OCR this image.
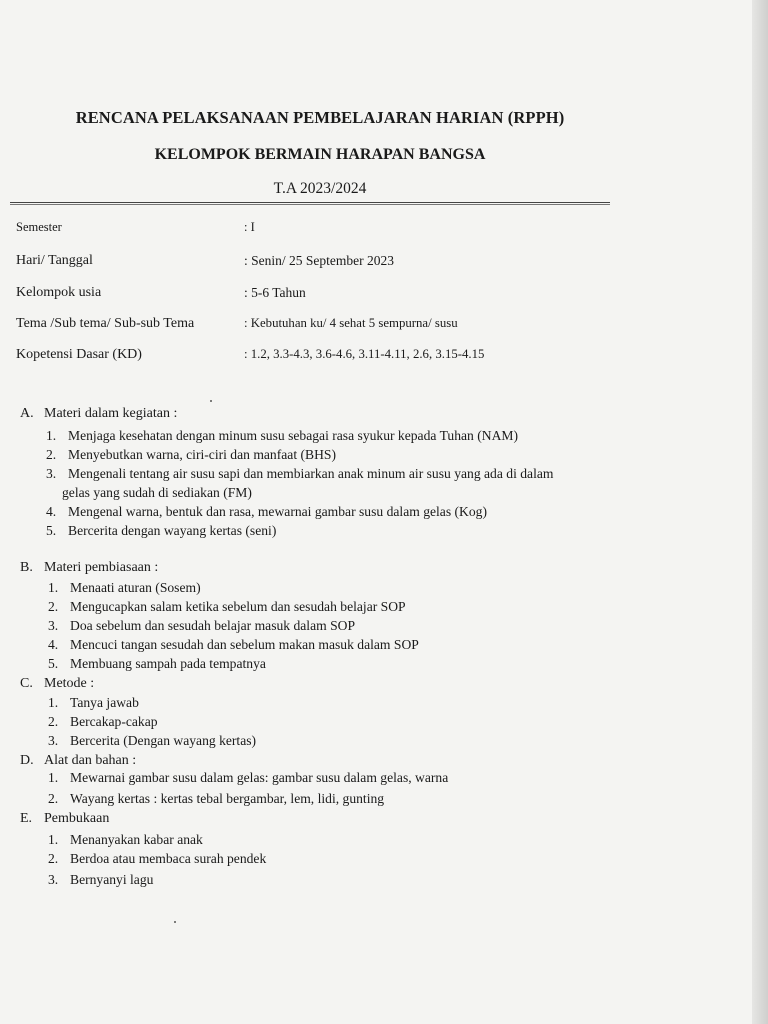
RENCANA PELAKSANAAN PEMBELAJARAN HARIAN (RPPH)
KELOMPOK BERMAIN HARAPAN BANGSA
T.A 2023/2024
Semester	: I
Hari/ Tanggal	: Senin/ 25 September 2023
Kelompok usia	: 5-6 Tahun
Tema /Sub tema/ Sub-sub Tema	: Kebutuhan ku/ 4 sehat 5 sempurna/ susu
Kopetensi Dasar (KD)	: 1.2, 3.3-4.3, 3.6-4.6, 3.11-4.11, 2.6, 3.15-4.15
A. Materi dalam kegiatan :
1. Menjaga kesehatan dengan minum susu sebagai rasa syukur kepada Tuhan (NAM)
2. Menyebutkan warna, ciri-ciri dan manfaat (BHS)
3. Mengenali tentang air susu sapi dan membiarkan anak minum air susu yang ada di dalam
gelas yang sudah di sediakan (FM)
4. Mengenal warna, bentuk dan rasa, mewarnai gambar susu dalam gelas (Kog)
5. Bercerita dengan wayang kertas (seni)
B. Materi pembiasaan :
1. Menaati aturan (Sosem)
2. Mengucapkan salam ketika sebelum dan sesudah belajar SOP
3. Doa sebelum dan sesudah belajar masuk dalam SOP
4. Mencuci tangan sesudah dan sebelum makan masuk dalam SOP
5. Membuang sampah pada tempatnya
C. Metode :
1. Tanya jawab
2. Bercakap-cakap
3. Bercerita (Dengan wayang kertas)
D. Alat dan bahan :
1. Mewarnai gambar susu dalam gelas: gambar susu dalam gelas, warna
2. Wayang kertas : kertas tebal bergambar, lem, lidi, gunting
E. Pembukaan
1. Menanyakan kabar anak
2. Berdoa atau membaca surah pendek
3. Bernyanyi lagu
